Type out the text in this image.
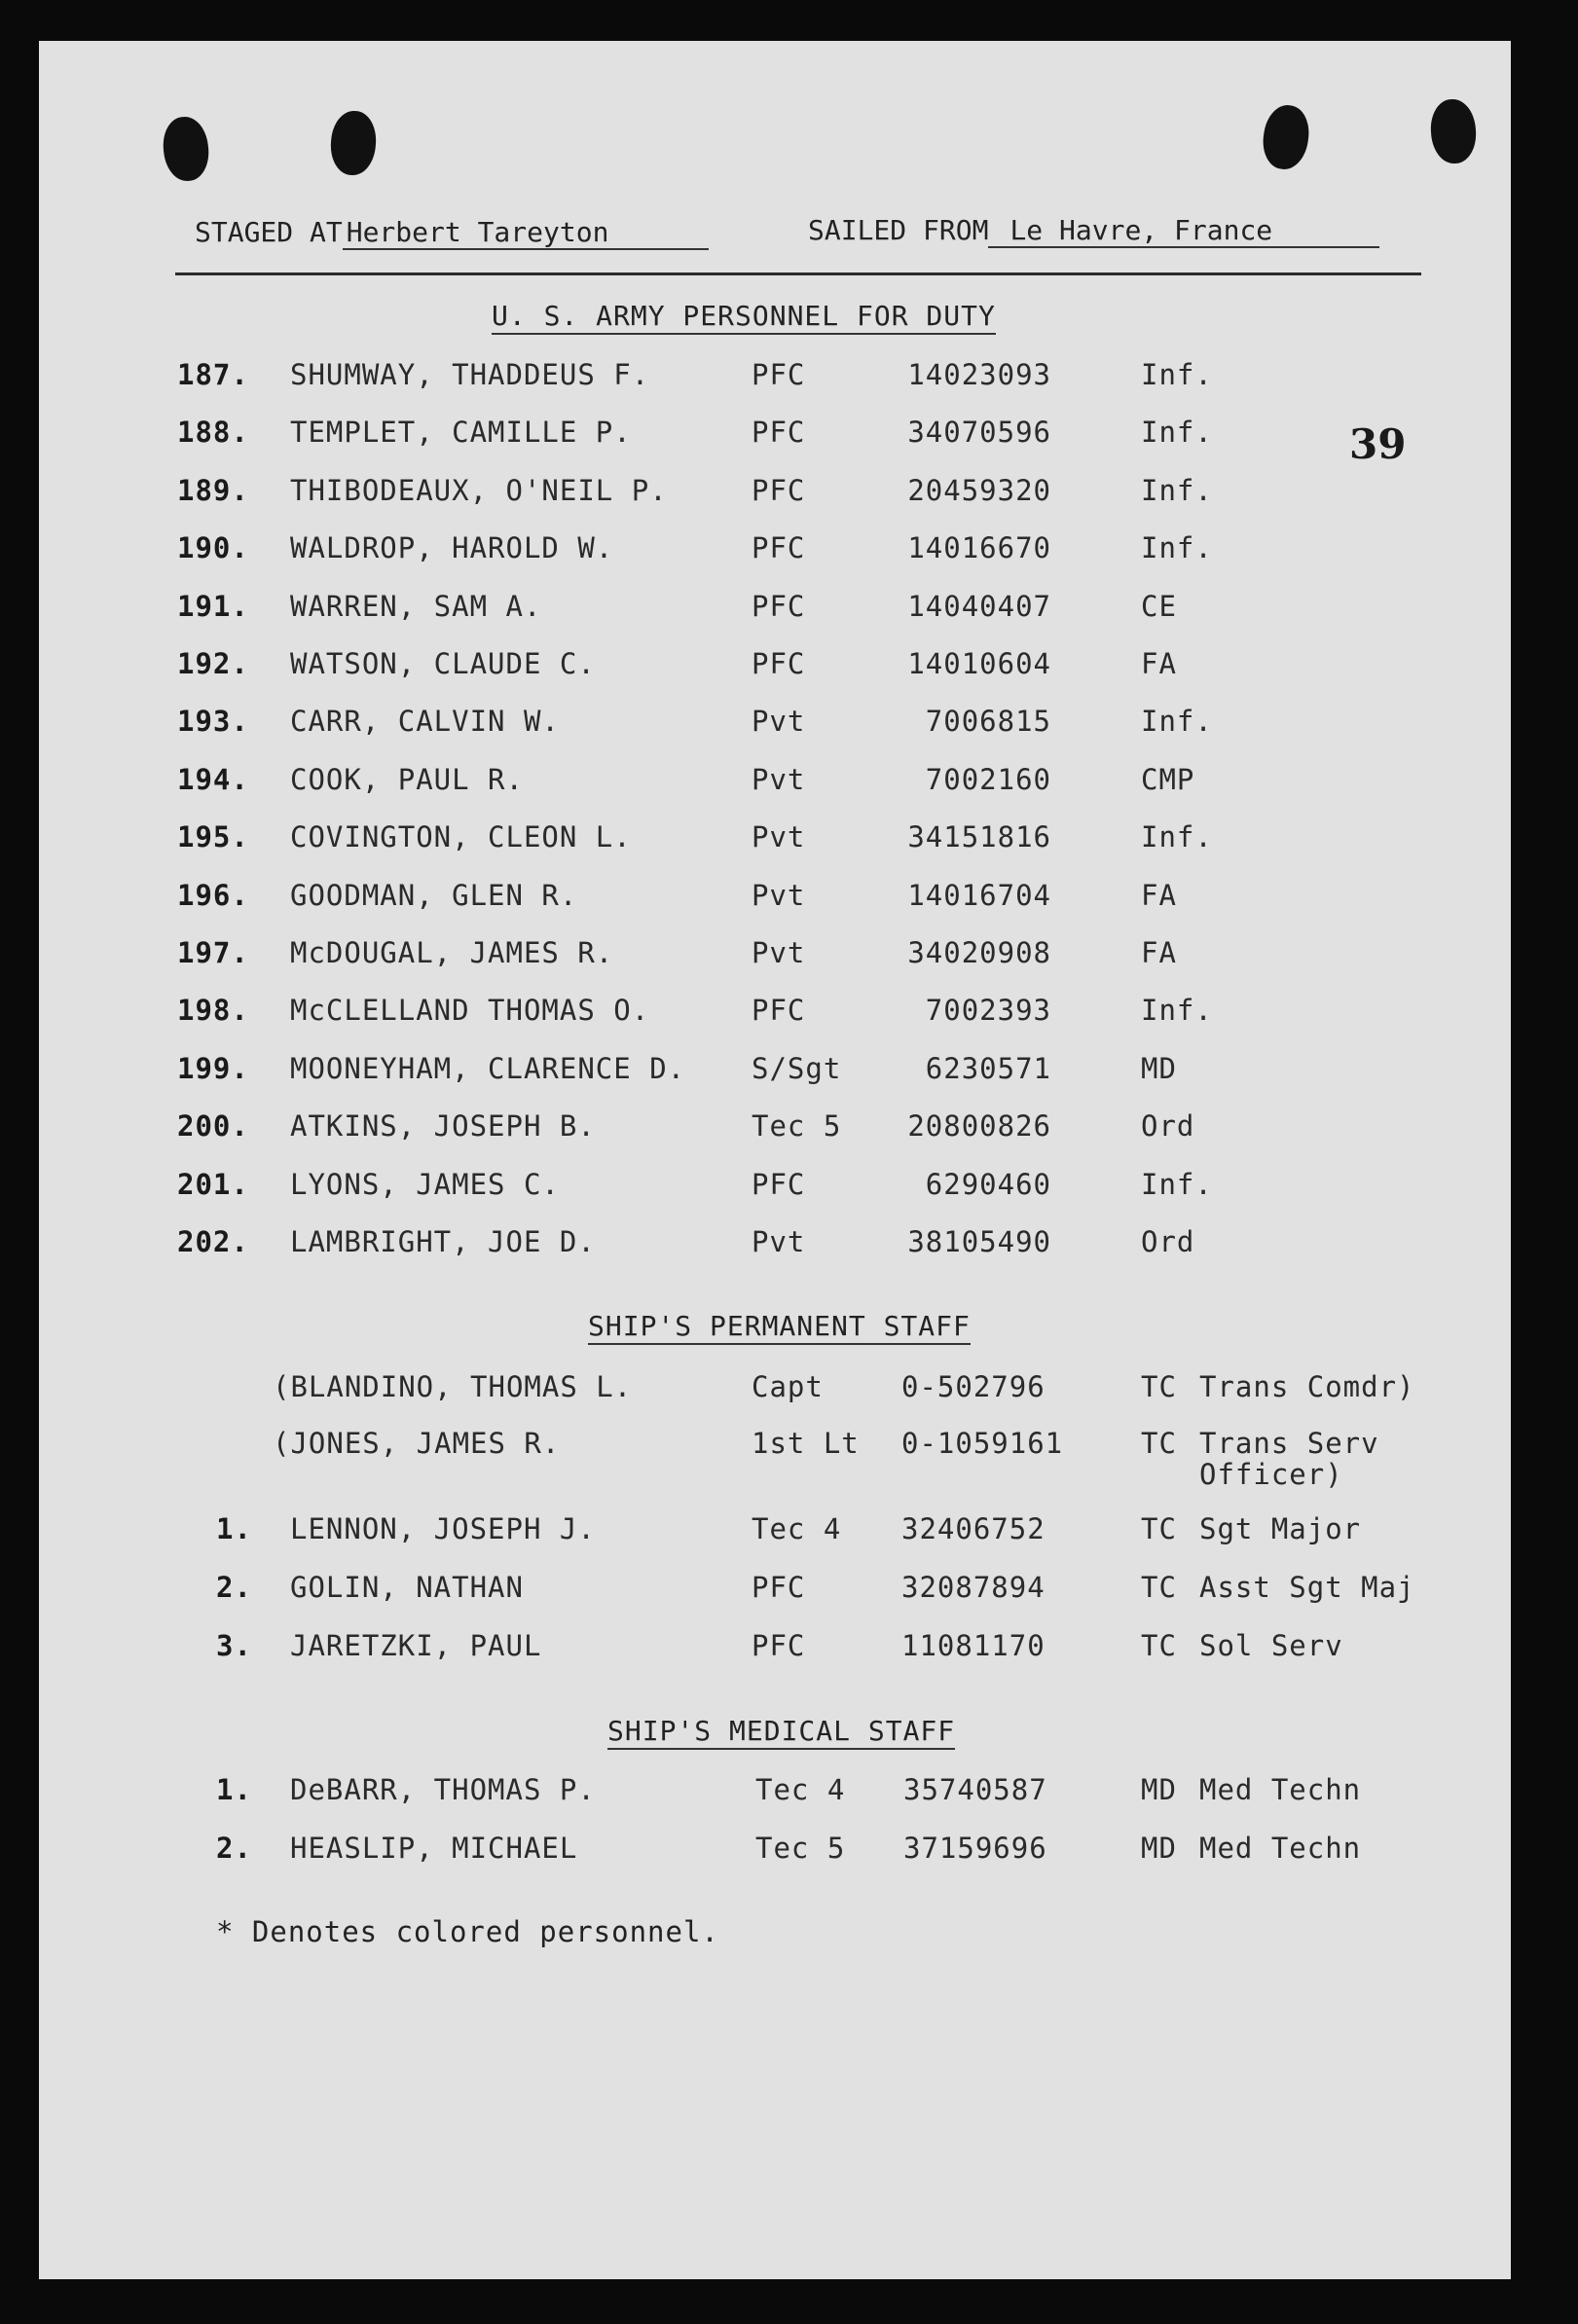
STAGED AT Herbert Tareyton	SAILED FROM Le Havre, France
39
U. S. ARMY PERSONNEL FOR DUTY
SHIP'S PERMANENT STAFF
SHIP'S MEDICAL STAFF
187. SHUMWAY, THADDEUS F.	PFC	14023093	Inf.
188. TEMPLET, CAMILLE P.	PFC	34070596	Inf.
189. THIBODEAUX, O'NEIL P.	PFC	20459320	Inf.
190. WALDROP, HAROLD W.	PFC	14016670	Inf.
191. WARREN, SAM A.	PFC	14040407	CE
192. WATSON, CLAUDE C.	PFC	14010604	FA
193. CARR, CALVIN W.	Pvt	7006815	Inf.
194. COOK, PAUL R.	Pvt	7002160	CMP
195. COVINGTON, CLEON L.	Pvt	34151816	Inf.
196. GOODMAN, GLEN R.	Pvt	14016704	FA
197. McDOUGAL, JAMES R.	Pvt	34020908	FA
198. McCLELLAND THOMAS O.	PFC	7002393	Inf.
199. MOONEYHAM, CLARENCE D. S/Sgt	6230571	MD
200. ATKINS, JOSEPH B.	Tec 5 20800826	Ord
201. LYONS, JAMES C.	PFC	6290460	Inf.
202. LAMBRIGHT, JOE D.	Pvt	38105490	Ord
(BLANDINO, THOMAS L.	Capt	0-502796	TC Trans Comdr)
(JONES, JAMES R.	1st Lt 0-1059161	TC Trans Serv
Officer)
1. LENNON, JOSEPH J.	Tec 4 32406752	TC Sgt Major
2. GOLIN, NATHAN	PFC	32087894	TC Asst Sgt Maj
3. JARETZKI, PAUL	PFC	11081170	TC Sol Serv
1. DeBARR, THOMAS P.	Tec 4 35740587	MD Med Techn
2. HEASLIP, MICHAEL	Tec 5 37159696	MD Med Techn
* Denotes colored personnel.
